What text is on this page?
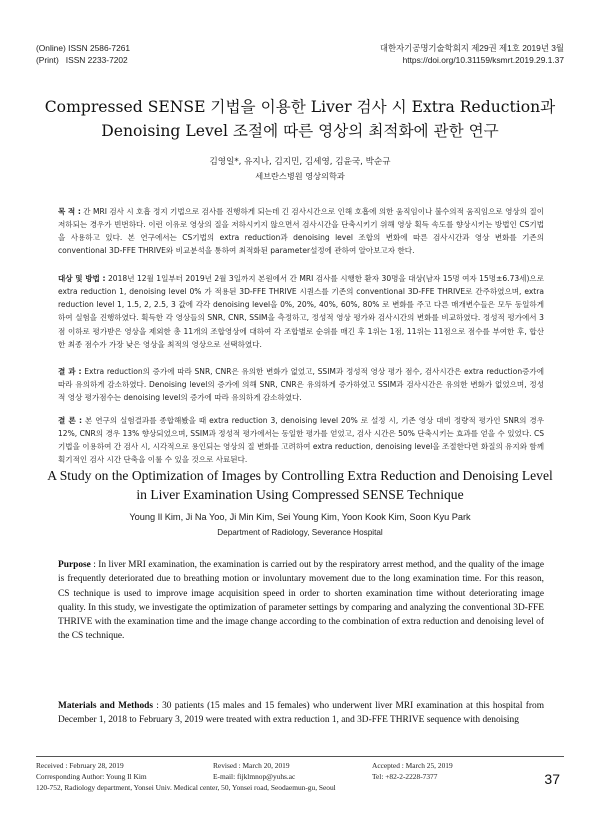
(Online) ISSN 2586-7261
(Print)   ISSN 2233-7202
대한자기공명기술학회지 제29권 제1호 2019년 3월
https://doi.org/10.31159/ksmrt.2019.29.1.37
Compressed SENSE 기법을 이용한 Liver 검사 시 Extra Reduction과
Denoising Level 조절에 따른 영상의 최적화에 관한 연구
김영일*, 유지나, 김지민, 김세영, 김윤국, 박순규
세브란스병원 영상의학과

목 적 : 간 MRI 검사 시 호흡 정지 기법으로 검사를 진행하게 되는데 긴 검사시간으로 인해 호흡에 의한 움직임이나 불수의적 움직임으로 영상의 질이 저하되는 경우가 빈번하다. 이런 이유로 영상의 질을 저하시키지 않으면서 검사시간을 단축시키기 위해 영상 획득 속도를 향상시키는 방법인 CS기법을 사용하고 있다. 본 연구에서는 CS기법의 extra reduction과 denoising level 조합의 변화에 따른 검사시간과 영상 변화를 기존의 conventional 3D-FFE THRIVE와 비교분석을 통하여 최적화된 parameter설정에 관하여 알아보고자 한다.

대상 및 방법 : 2018년 12월 1일부터 2019년 2월 3일까지 본원에서 간 MRI 검사를 시행한 환자 30명을 대상(남자 15명 여자 15명±6.73세)으로 extra reduction 1, denoising level 0% 가 적용된 3D-FFE THRIVE 시퀀스를 기존의 conventional 3D-FFE THRIVE로 간주하였으며, extra reduction level 1, 1.5, 2, 2.5, 3 값에 각각 denoising level을 0%, 20%, 40%, 60%, 80% 로 변화를 주고 다른 매개변수들은 모두 동일하게 하여 실험을 진행하였다. 획득한 각 영상들의 SNR, CNR, SSIM을 측정하고, 정성적 영상 평가와 검사시간의 변화를 비교하였다. 정성적 평가에서 3점 이하로 평가받은 영상을 제외한 총 11개의 조합영상에 대하여 각 조합별로 순위를 매긴 후 1위는 1점, 11위는 11점으로 점수를 부여한 후, 합산 한 최종 점수가 가장 낮은 영상을 최적의 영상으로 선택하였다.

결 과 : Extra reduction의 증가에 따라 SNR, CNR은 유의한 변화가 없었고, SSIM과 정성적 영상 평가 점수, 검사시간은 extra reduction증가에 따라 유의하게 감소하였다. Denoising level의 증가에 의해 SNR, CNR은 유의하게 증가하였고 SSIM과 검사시간은 유의한 변화가 없었으며, 정성적 영상 평가점수는 denoising level의 증가에 따라 유의하게 감소하였다.

결 론 : 본 연구의 실험결과를 종합해봤을 때 extra reduction 3, denoising level 20% 로 설정 시, 기존 영상 대비 정량적 평가인 SNR의 경우 12%, CNR의 경우 13% 향상되었으며, SSIM과 정성적 평가에서는 동일한 평가를 얻었고, 검사 시간은 50% 단축시키는 효과를 얻을 수 있었다. CS기법을 이용하여 간 검사 시, 시각적으로 용인되는 영상의 질 변화를 고려하여 extra reduction, denoising level을 조절한다면 화질의 유지와 함께 획기적인 검사 시간 단축을 이룰 수 있을 것으로 사료된다.

A Study on the Optimization of Images by Controlling Extra Reduction and Denoising Level
in Liver Examination Using Compressed SENSE Technique
Young Il Kim, Ji Na Yoo, Ji Min Kim, Sei Young Kim, Yoon Kook Kim, Soon Kyu Park
Department of Radiology, Severance Hospital

Purpose : In liver MRI examination, the examination is carried out by the respiratory arrest method, and the quality of the image is frequently deteriorated due to breathing motion or involuntary movement due to the long examination time. For this reason, CS technique is used to improve image acquisition speed in order to shorten examination time without deteriorating image quality. In this study, we investigate the optimization of parameter settings by comparing and analyzing the conventional 3D-FFE THRIVE with the examination time and the image change according to the combination of extra reduction and denoising level of the CS technique.

Materials and Methods : 30 patients (15 males and 15 females) who underwent liver MRI examination at this hospital from December 1, 2018 to February 3, 2019 were treated with extra reduction 1, and 3D-FFE THRIVE sequence with denoising

Received : February 28, 2019	Revised : March 20, 2019	Accepted : March 25, 2019
Corresponding Author: Young Il Kim	E-mail: fijklmnop@yuhs.ac	Tel: +82-2-2228-7377
120-752, Radiology department, Yonsei Univ. Medical center, 50, Yonsei road, Seodaemun-gu, Seoul
37
